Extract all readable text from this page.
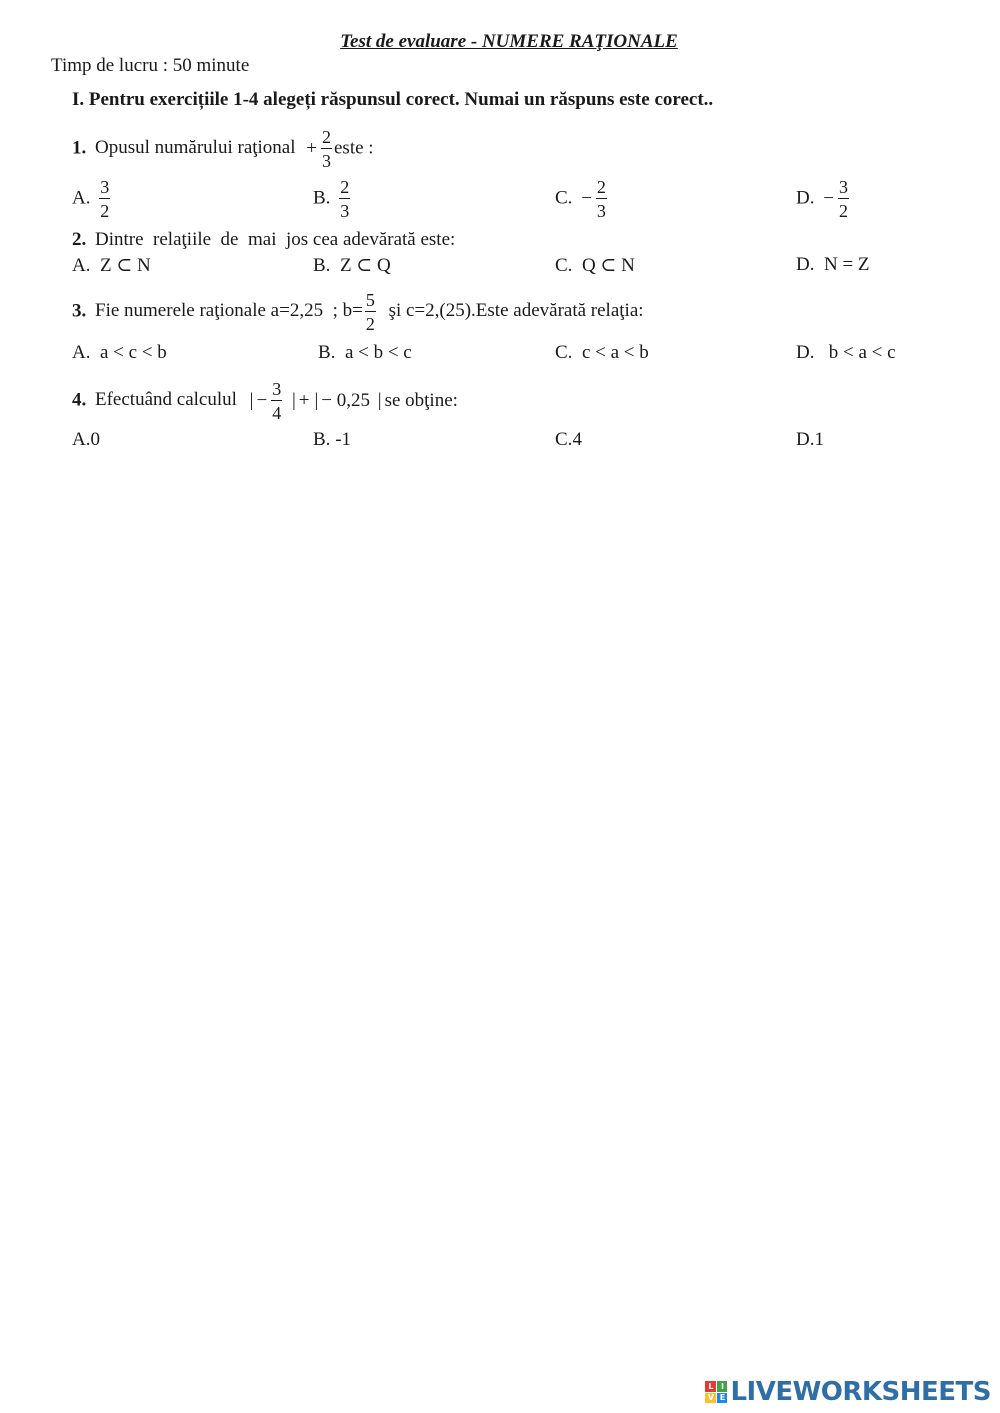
Test de evaluare - NUMERE RAŢIONALE
Timp de lucru : 50 minute
I. Pentru exercițiile 1-4 alegeți răspunsul corect. Numai un răspuns este corect..
1. Opusul numărului raţional + $\frac{2}{3}$ este :
A. $\frac{3}{2}$	B. $\frac{2}{3}$	C. − $\frac{2}{3}$	D. − $\frac{3}{2}$
2. Dintre  relaţiile  de  mai  jos cea adevărată este:
A. Z ⊂ N	B. Z ⊂ Q	C. Q ⊂ N	D. N = Z
3. Fie numerele raţionale a=2,25  ; $b= \frac{5}{2}$ şi c=2,(25).Este adevărată relaţia:
A. a < c < b	B. a < b < c	C. c < a < b	D. b < a < c
4. Efectuând calculul | − $\frac{3}{4}$ | + | − 0,25 | se obţine:
A.0	B. -1	C.4	D.1
L I
V E LIVEWORKSHEETS
